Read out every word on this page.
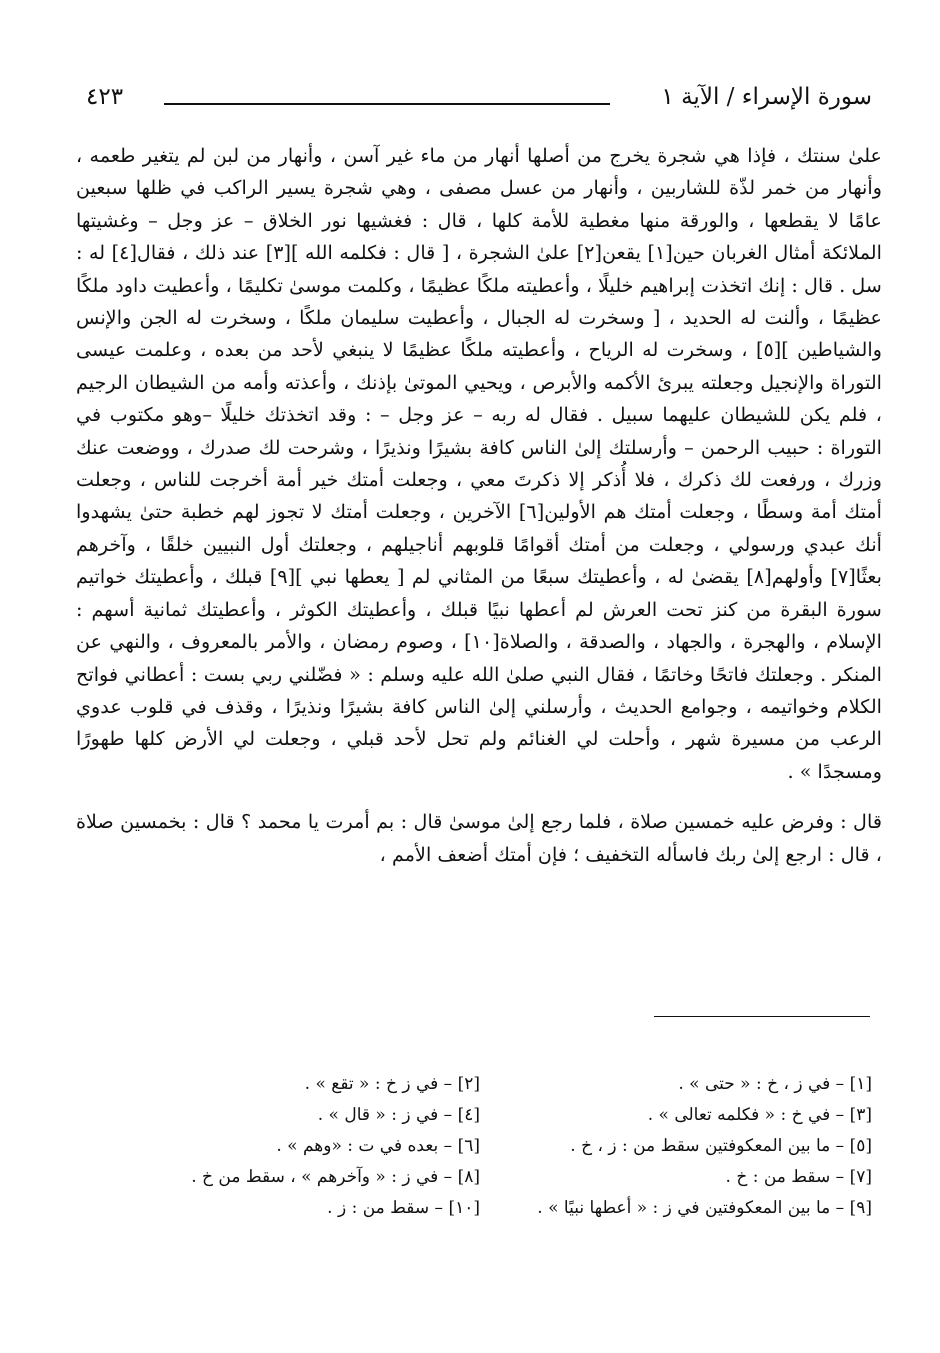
سورة الإسراء / الآية ١
٤٢٣

علىٰ سنتك ، فإذا هي شجرة يخرج من أصلها أنهار من ماء غير آسن ، وأنهار من لبن لم يتغير طعمه ، وأنهار من خمر لذّة للشاربين ، وأنهار من عسل مصفى ، وهي شجرة يسير الراكب في ظلها سبعين عامًا لا يقطعها ، والورقة منها مغطية للأمة كلها ، قال : فغشيها نور الخلاق – عز وجل – وغشيتها الملائكة أمثال الغربان حين[١] يقعن[٢] علىٰ الشجرة ، [ قال : فكلمه الله ][٣] عند ذلك ، فقال[٤] له : سل . قال : إنك اتخذت إبراهيم خليلًا ، وأعطيته ملكًا عظيمًا ، وكلمت موسىٰ تكليمًا ، وأعطيت داود ملكًا عظيمًا ، وألنت له الحديد ، [ وسخرت له الجبال ، وأعطيت سليمان ملكًا ، وسخرت له الجن والإنس والشياطين ][٥] ، وسخرت له الرياح ، وأعطيته ملكًا عظيمًا لا ينبغي لأحد من بعده ، وعلمت عيسى التوراة والإنجيل وجعلته يبرئ الأكمه والأبرص ، ويحيي الموتىٰ بإذنك ، وأعذته وأمه من الشيطان الرجيم ، فلم يكن للشيطان عليهما سبيل . فقال له ربه – عز وجل – : وقد اتخذتك خليلًا –وهو مكتوب في التوراة : حبيب الرحمن – وأرسلتك إلىٰ الناس كافة بشيرًا ونذيرًا ، وشرحت لك صدرك ، ووضعت عنك وزرك ، ورفعت لك ذكرك ، فلا أُذكر إلا ذكرتَ معي ، وجعلت أمتك خير أمة أخرجت للناس ، وجعلت أمتك أمة وسطًا ، وجعلت أمتك هم الأولين[٦] الآخرين ، وجعلت أمتك لا تجوز لهم خطبة حتىٰ يشهدوا أنك عبدي ورسولي ، وجعلت من أمتك أقوامًا قلوبهم أناجيلهم ، وجعلتك أول النبيين خلقًا ، وآخرهم بعثًا[٧] وأولهم[٨] يقضىٰ له ، وأعطيتك سبعًا من المثاني لم [ يعطها نبي ][٩] قبلك ، وأعطيتك خواتيم سورة البقرة من كنز تحت العرش لم أعطها نبيًا قبلك ، وأعطيتك الكوثر ، وأعطيتك ثمانية أسهم : الإسلام ، والهجرة ، والجهاد ، والصدقة ، والصلاة[١٠] ، وصوم رمضان ، والأمر بالمعروف ، والنهي عن المنكر . وجعلتك فاتحًا وخاتمًا ، فقال النبي صلىٰ الله عليه وسلم : « فضّلني ربي بست : أعطاني فواتح الكلام وخواتيمه ، وجوامع الحديث ، وأرسلني إلىٰ الناس كافة بشيرًا ونذيرًا ، وقذف في قلوب عدوي الرعب من مسيرة شهر ، وأحلت لي الغنائم ولم تحل لأحد قبلي ، وجعلت لي الأرض كلها طهورًا ومسجدًا » .

قال : وفرض عليه خمسين صلاة ، فلما رجع إلىٰ موسىٰ قال : بم أمرت يا محمد ؟ قال : بخمسين صلاة ، قال : ارجع إلىٰ ربك فاسأله التخفيف ؛ فإن أمتك أضعف الأمم ،

[١] – في ز ، خ : « حتى » .
[٢] – في ز خ : « تقع » .
[٣] – في خ : « فكلمه تعالى » .
[٤] – في ز : « قال » .
[٥] – ما بين المعكوفتين سقط من : ز ، خ .
[٦] – بعده في ت : «وهم » .
[٧] – سقط من : خ .
[٨] – في ز : « وآخرهم » ، سقط من خ .
[٩] – ما بين المعكوفتين في ز : « أعطها نبيًا » .
[١٠] – سقط من : ز .
